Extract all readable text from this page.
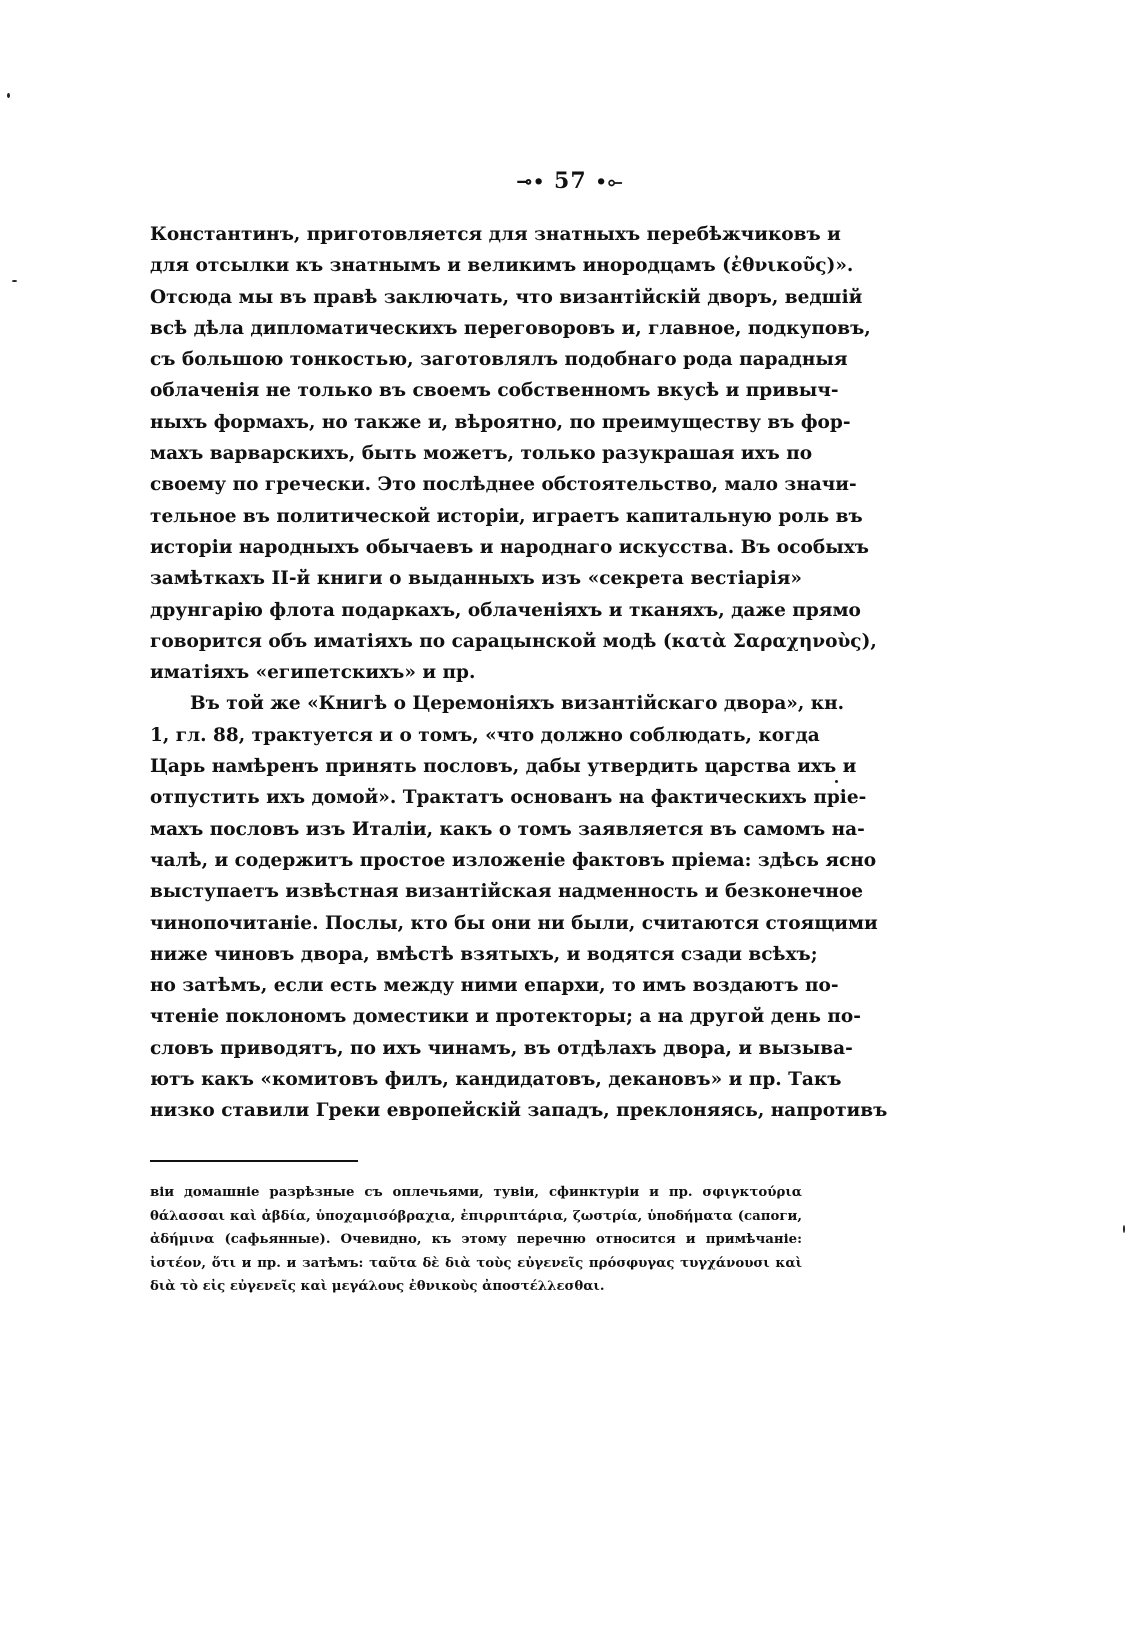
⊸• 57 •⟜
Константинъ, приготовляется для знатныхъ перебѣжчиковъ и
для отсылки къ знатнымъ и великимъ инородцамъ (ἐθνικοῦς)».
Отсюда мы въ правѣ заключать, что византійскій дворъ, ведшій
всѣ дѣла дипломатическихъ переговоровъ и, главное, подкуповъ,
съ большою тонкостью, заготовлялъ подобнаго рода парадныя
облаченія не только въ своемъ собственномъ вкусѣ и привыч-
ныхъ формахъ, но также и, вѣроятно, по преимуществу въ фор-
махъ варварскихъ, быть можетъ, только разукрашая ихъ по
своему по гречески. Это послѣднее обстоятельство, мало значи-
тельное въ политической исторіи, играетъ капитальную роль въ
исторіи народныхъ обычаевъ и народнаго искусства. Въ особыхъ
замѣткахъ II-й книги о выданныхъ изъ «секрета вестіарія»
друнгарію флота подаркахъ, облаченіяхъ и тканяхъ, даже прямо
говорится объ иматіяхъ по сарацынской модѣ (κατὰ Σαραχηνοὺς),
иматіяхъ «египетскихъ» и пр.
Въ той же «Книгѣ о Церемоніяхъ византійскаго двора», кн.
1, гл. 88, трактуется и о томъ, «что должно соблюдать, когда
Царь намѣренъ принять пословъ, дабы утвердить царства ихъ и
отпустить ихъ домой». Трактатъ основанъ на фактическихъ пріе-
махъ пословъ изъ Италіи, какъ о томъ заявляется въ самомъ на-
чалѣ, и содержитъ простое изложеніе фактовъ пріема: здѣсь ясно
выступаетъ извѣстная византійская надменность и безконечное
чинопочитаніе. Послы, кто бы они ни были, считаются стоящими
ниже чиновъ двора, вмѣстѣ взятыхъ, и водятся сзади всѣхъ;
но затѣмъ, если есть между ними епархи, то имъ воздаютъ по-
чтеніе поклономъ доместики и протекторы; а на другой день по-
словъ приводятъ, по ихъ чинамъ, въ отдѣлахъ двора, и вызыва-
ютъ какъ «комитовъ филъ, кандидатовъ, декановъ» и пр. Такъ
низко ставили Греки европейскій западъ, преклоняясь, напротивъ
віи домашніе разрѣзные съ оплечьями, тувіи, сфинктуріи и пр. σφιγκτούρια
θάλασσαι καὶ ἀβδία, ὑποχαμισόβραχια, ἐπιρριπτάρια, ζωστρία, ὑποδήματα (сапоги,
ἀδήμινα (сафьянные). Очевидно, къ этому перечню относится и примѣчаніе:
ἰστέον, ὅτι и пр. и затѣмъ: ταῦτα δὲ διὰ τοὺς εὐγενεῖς πρόσφυγας τυγχάνουσι καὶ
διὰ τὸ εἰς εὐγενεῖς καὶ μεγάλους ἐθνικοὺς ἀποστέλλεσθαι.
